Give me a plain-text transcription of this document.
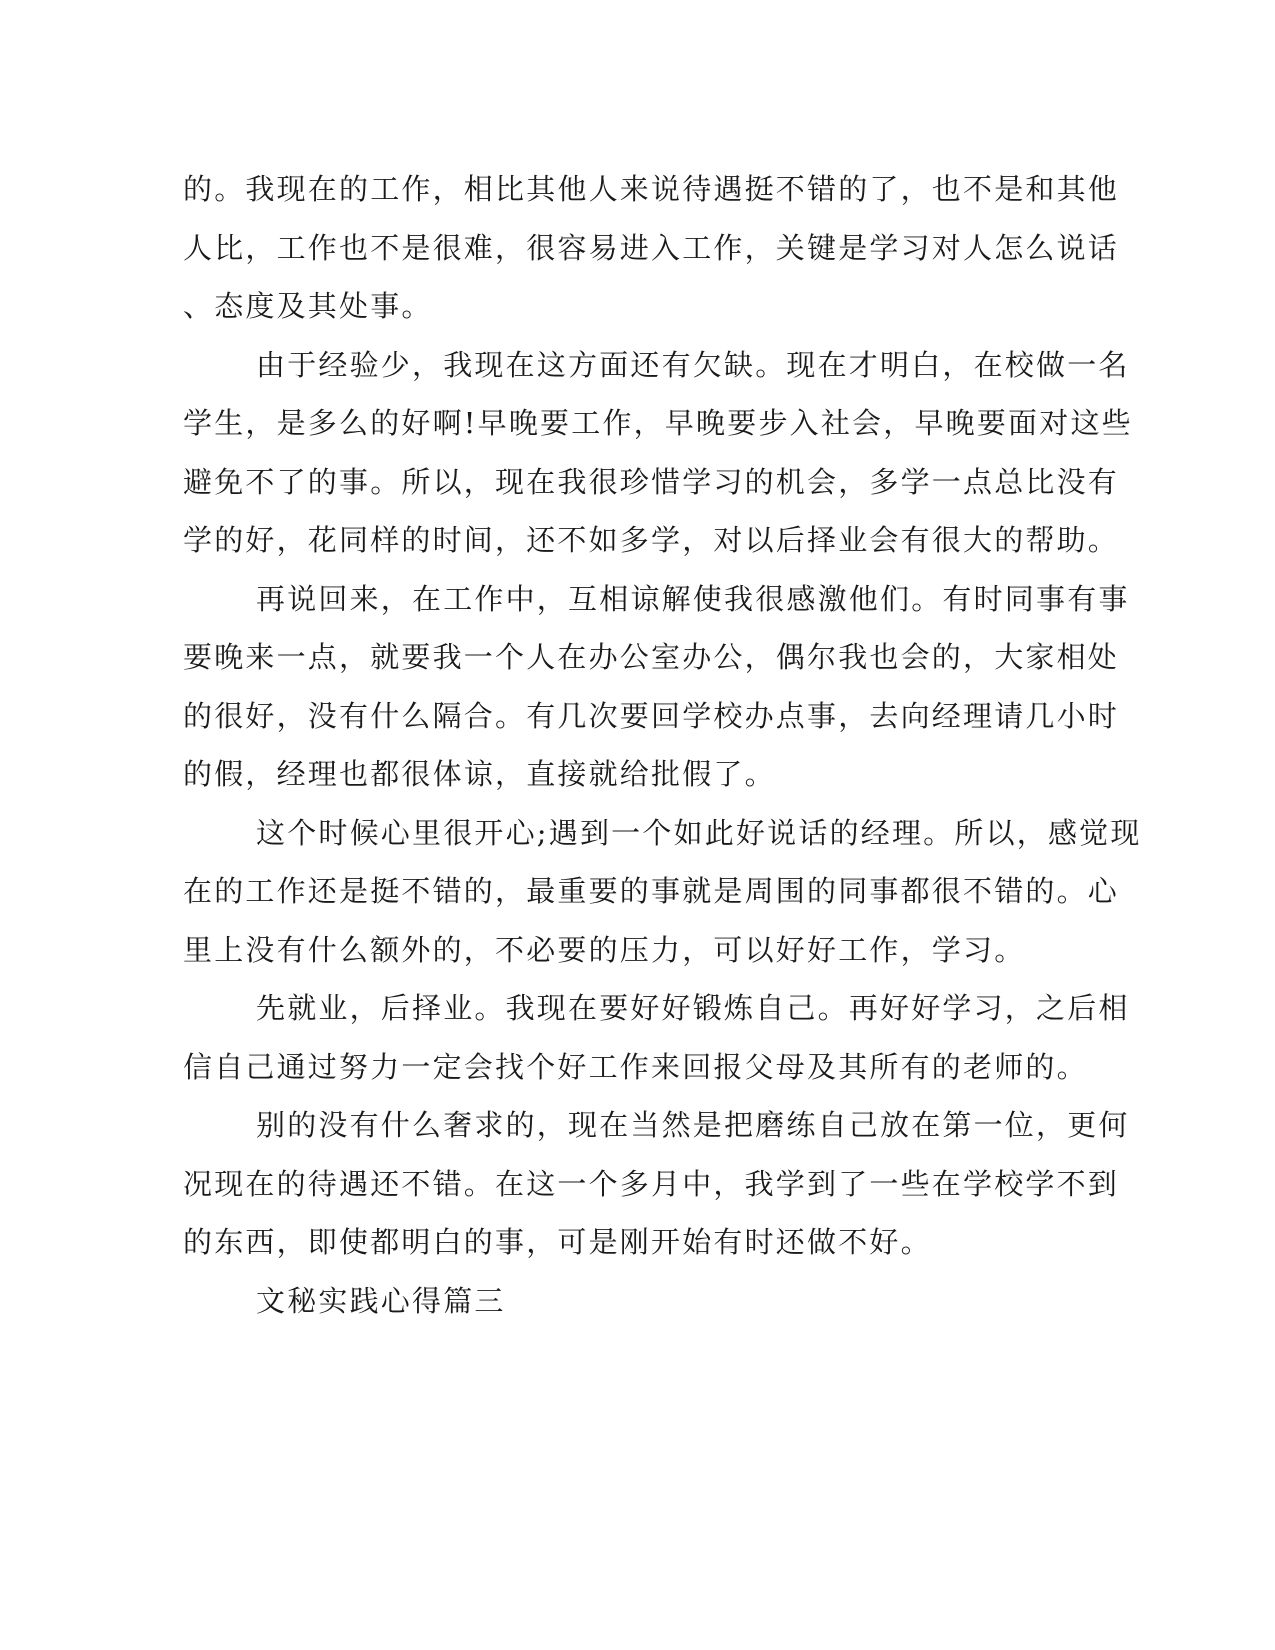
的。我现在的工作，相比其他人来说待遇挺不错的了，也不是和其他
人比，工作也不是很难，很容易进入工作，关键是学习对人怎么说话
、态度及其处事。
由于经验少，我现在这方面还有欠缺。现在才明白，在校做一名
学生，是多么的好啊!早晚要工作，早晚要步入社会，早晚要面对这些
避免不了的事。所以，现在我很珍惜学习的机会，多学一点总比没有
学的好，花同样的时间，还不如多学，对以后择业会有很大的帮助。
再说回来，在工作中，互相谅解使我很感激他们。有时同事有事
要晚来一点，就要我一个人在办公室办公，偶尔我也会的，大家相处
的很好，没有什么隔合。有几次要回学校办点事，去向经理请几小时
的假，经理也都很体谅，直接就给批假了。
这个时候心里很开心;遇到一个如此好说话的经理。所以，感觉现
在的工作还是挺不错的，最重要的事就是周围的同事都很不错的。心
里上没有什么额外的，不必要的压力，可以好好工作，学习。
先就业，后择业。我现在要好好锻炼自己。再好好学习，之后相
信自己通过努力一定会找个好工作来回报父母及其所有的老师的。
别的没有什么奢求的，现在当然是把磨练自己放在第一位，更何
况现在的待遇还不错。在这一个多月中，我学到了一些在学校学不到
的东西，即使都明白的事，可是刚开始有时还做不好。
文秘实践心得篇三
